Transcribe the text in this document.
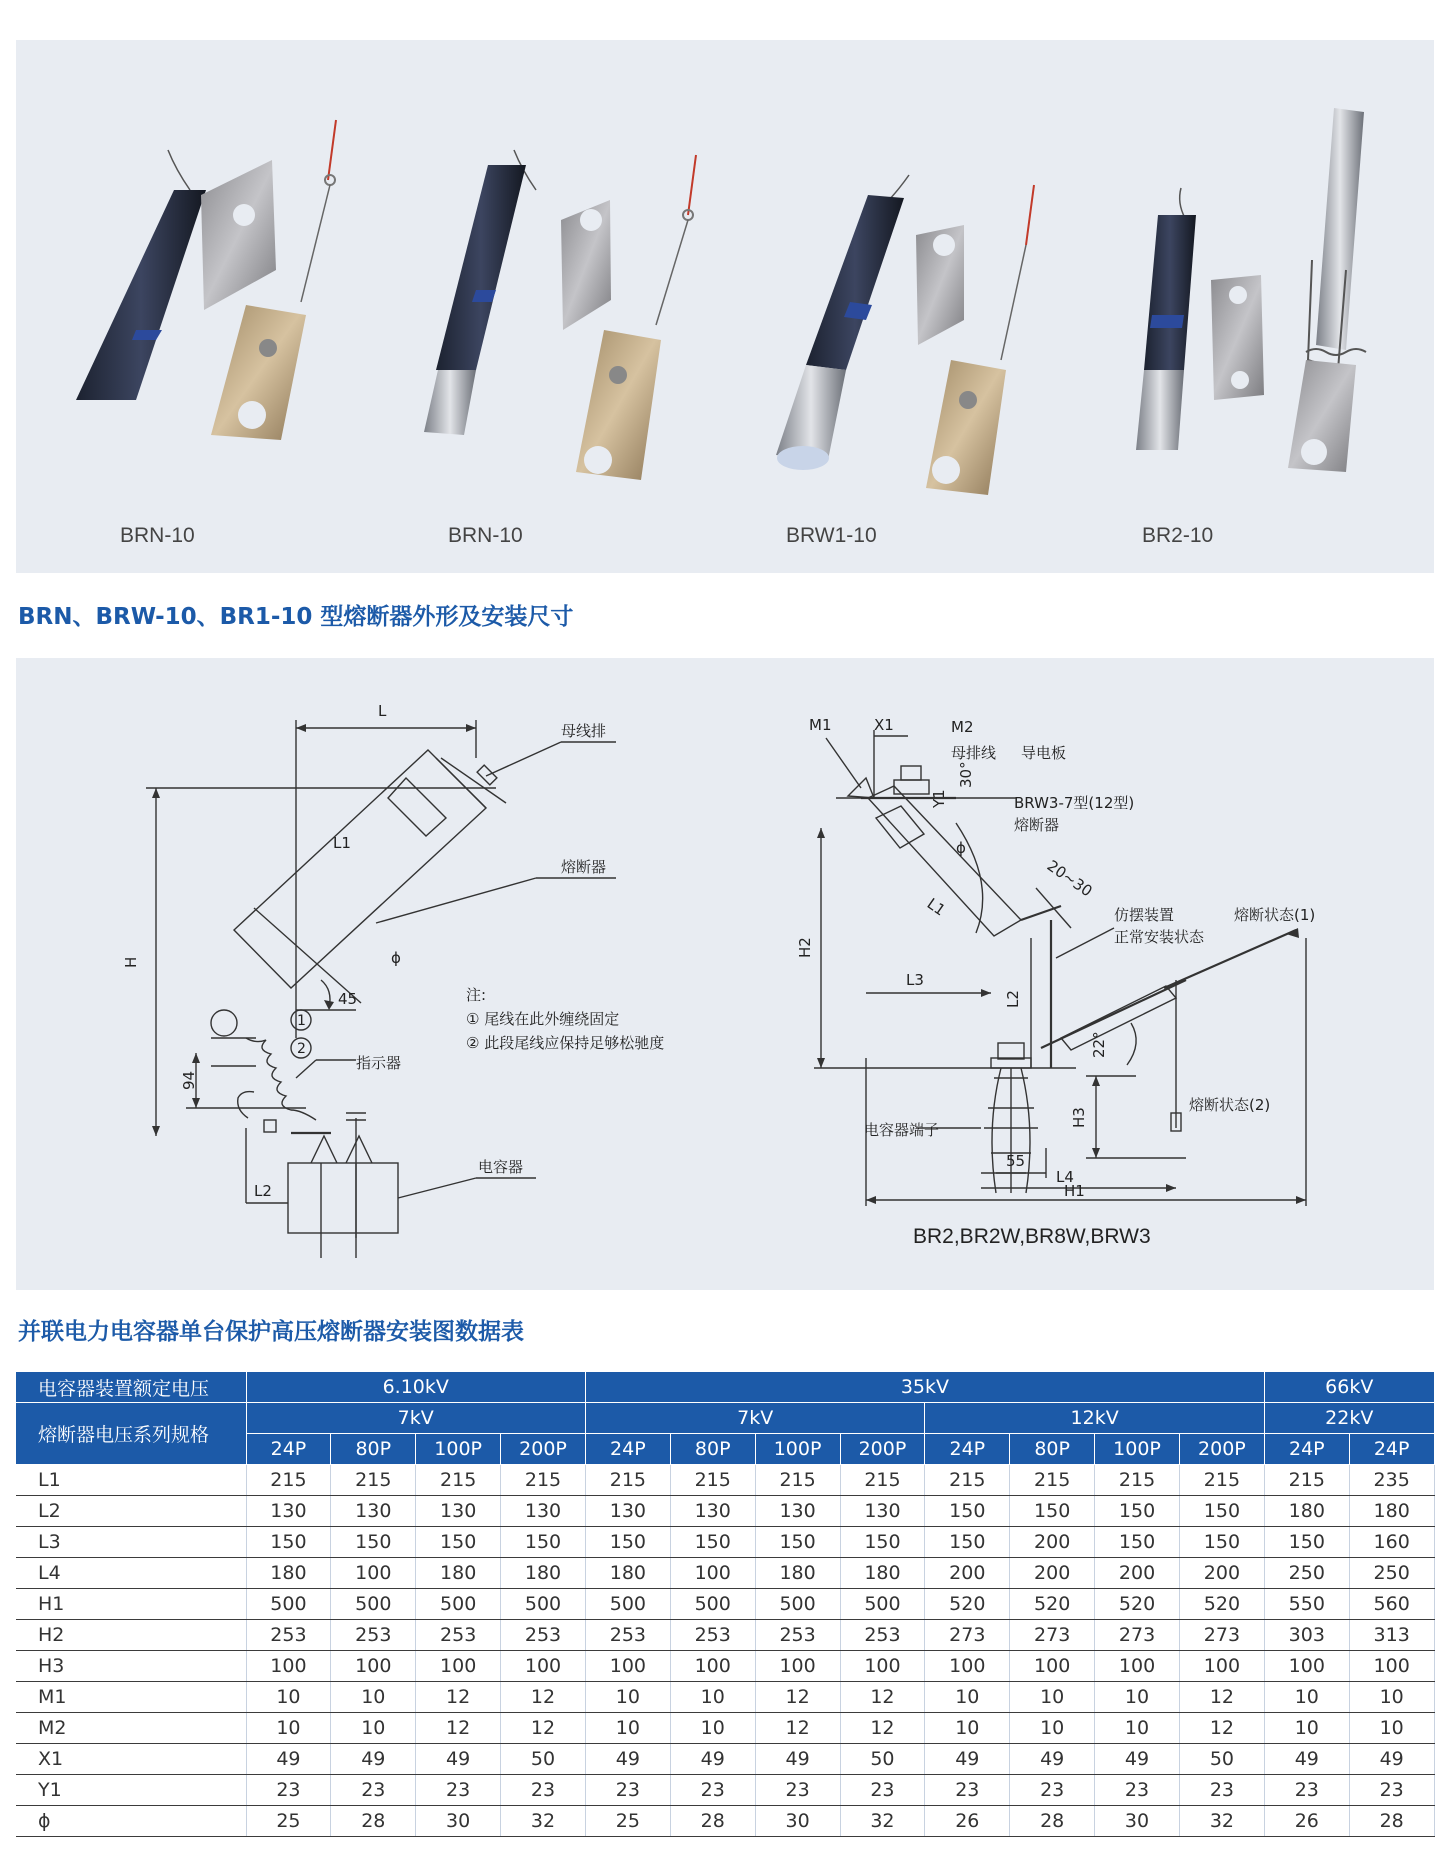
BRN-10	BRN-10	BRW1-10	BR2-10
BRN、BRW-10、BR1-10 型熔断器外形及安装尺寸
L
H
L1
ϕ
母线排
熔断器
45
94
1
2
指示器
L2
电容器
注:
① 尾线在此外缠绕固定
② 此段尾线应保持足够松驰度
M1	X1	M2
母排线 导电板
BRW3-7型(12型)
熔断器
L1
ϕ
30°
Y1
20~30
仿摆装置
正常安装状态
熔断状态(1)
H2
L2
L3
熔断状态(2)
22°
电容器端子
H3
55
L4
H1
BR2,BR2W,BR8W,BRW3
并联电力电容器单台保护高压熔断器安装图数据表
电容器装置额定电压	6.10kV				35kV								66kV	
熔断器电压系列规格	7kV				7kV				12kV				22kV	
	24P	80P	100P	200P	24P	80P	100P	200P	24P	80P	100P	200P	24P	24P
L1	215	215	215	215	215	215	215	215	215	215	215	215	215	235
L2	130	130	130	130	130	130	130	130	150	150	150	150	180	180
L3	150	150	150	150	150	150	150	150	150	200	150	150	150	160
L4	180	100	180	180	180	100	180	180	200	200	200	200	250	250
H1	500	500	500	500	500	500	500	500	520	520	520	520	550	560
H2	253	253	253	253	253	253	253	253	273	273	273	273	303	313
H3	100	100	100	100	100	100	100	100	100	100	100	100	100	100
M1	10	10	12	12	10	10	12	12	10	10	10	12	10	10
M2	10	10	12	12	10	10	12	12	10	10	10	12	10	10
X1	49	49	49	50	49	49	49	50	49	49	49	50	49	49
Y1	23	23	23	23	23	23	23	23	23	23	23	23	23	23
ϕ	25	28	30	32	25	28	30	32	26	28	30	32	26	28
